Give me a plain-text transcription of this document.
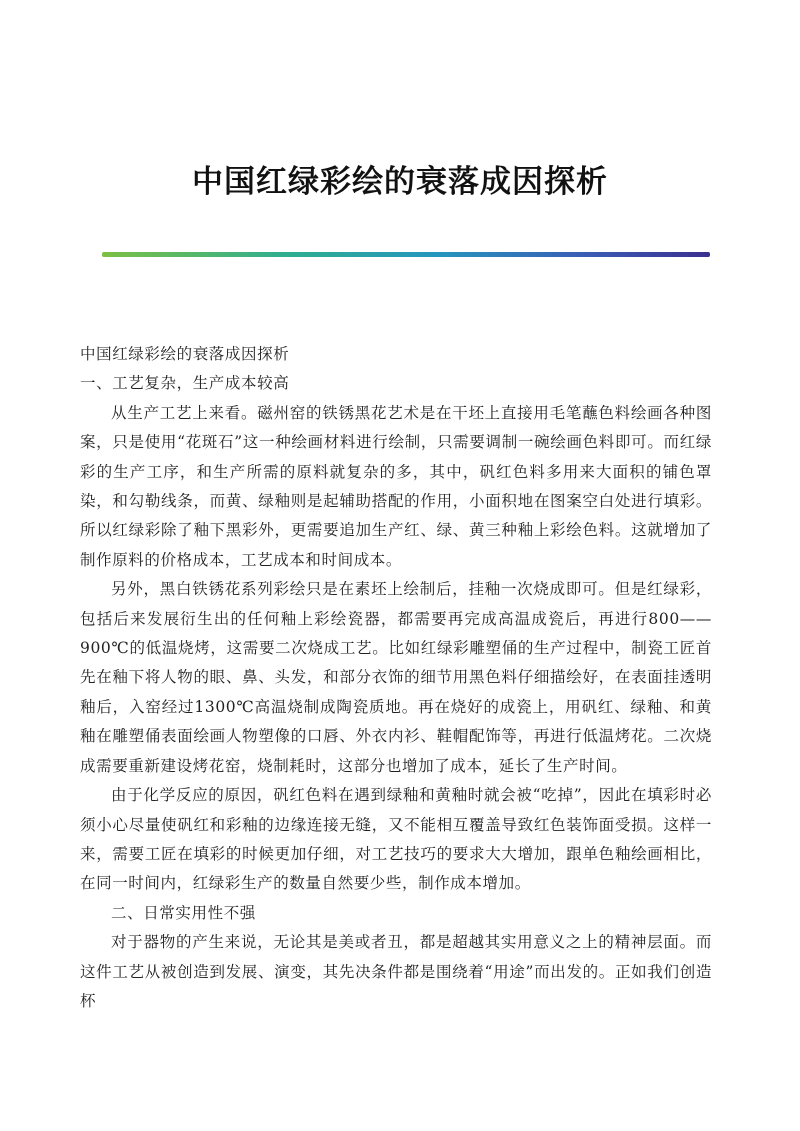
中国红绿彩绘的衰落成因探析

中国红绿彩绘的衰落成因探析

一、工艺复杂，生产成本较高

从生产工艺上来看。磁州窑的铁锈黑花艺术是在干坯上直接用毛笔蘸色料绘画各种图案，只是使用“花斑石”这一种绘画材料进行绘制，只需要调制一碗绘画色料即可。而红绿彩的生产工序，和生产所需的原料就复杂的多，其中，矾红色料多用来大面积的铺色罩染，和勾勒线条，而黄、绿釉则是起辅助搭配的作用，小面积地在图案空白处进行填彩。所以红绿彩除了釉下黑彩外，更需要追加生产红、绿、黄三种釉上彩绘色料。这就增加了制作原料的价格成本，工艺成本和时间成本。

另外，黑白铁锈花系列彩绘只是在素坯上绘制后，挂釉一次烧成即可。但是红绿彩，包括后来发展衍生出的任何釉上彩绘瓷器，都需要再完成高温成瓷后，再进行800——900℃的低温烧烤，这需要二次烧成工艺。比如红绿彩雕塑俑的生产过程中，制瓷工匠首先在釉下将人物的眼、鼻、头发，和部分衣饰的细节用黑色料仔细描绘好，在表面挂透明釉后，入窑经过1300℃高温烧制成陶瓷质地。再在烧好的成瓷上，用矾红、绿釉、和黄釉在雕塑俑表面绘画人物塑像的口唇、外衣内衫、鞋帽配饰等，再进行低温烤花。二次烧成需要重新建设烤花窑，烧制耗时，这部分也增加了成本，延长了生产时间。

由于化学反应的原因，矾红色料在遇到绿釉和黄釉时就会被“吃掉”，因此在填彩时必须小心尽量使矾红和彩釉的边缘连接无缝，又不能相互覆盖导致红色装饰面受损。这样一来，需要工匠在填彩的时候更加仔细，对工艺技巧的要求大大增加，跟单色釉绘画相比，在同一时间内，红绿彩生产的数量自然要少些，制作成本增加。

二、日常实用性不强

对于器物的产生来说，无论其是美或者丑，都是超越其实用意义之上的精神层面。而这件工艺从被创造到发展、演变，其先决条件都是围绕着“用途”而出发的。正如我们创造杯
